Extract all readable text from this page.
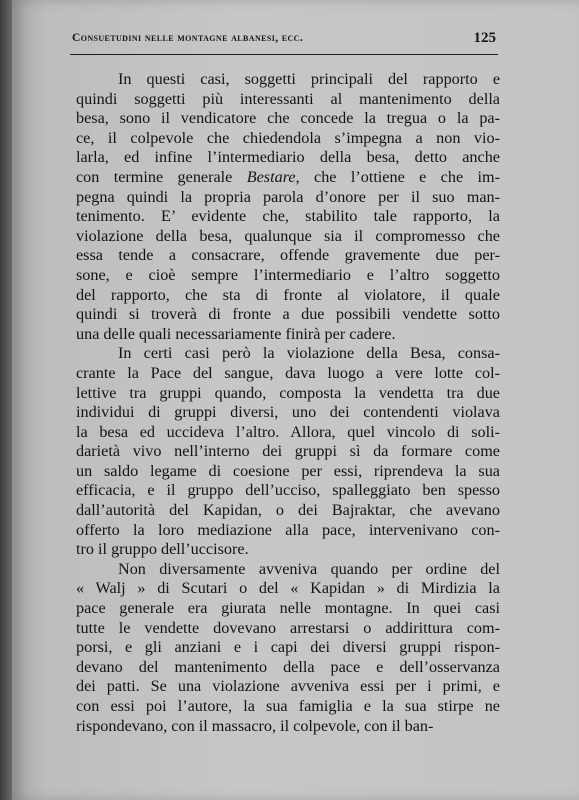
Consuetudini nelle montagne albanesi, ecc.	125
In questi casi, soggetti principali del rapporto e
quindi soggetti più interessanti al mantenimento della
besa, sono il vendicatore che concede la tregua o la pa-
ce, il colpevole che chiedendola s’impegna a non vio-
larla, ed infine l’intermediario della besa, detto anche
con termine generale Bestare, che l’ottiene e che im-
pegna quindi la propria parola d’onore per il suo man-
tenimento. E’ evidente che, stabilito tale rapporto, la
violazione della besa, qualunque sia il compromesso che
essa tende a consacrare, offende gravemente due per-
sone, e cioè sempre l’intermediario e l’altro soggetto
del rapporto, che sta di fronte al violatore, il quale
quindi si troverà di fronte a due possibili vendette sotto
una delle quali necessariamente finirà per cadere.
In certi casi però la violazione della Besa, consa-
crante la Pace del sangue, dava luogo a vere lotte col-
lettive tra gruppi quando, composta la vendetta tra due
individui di gruppi diversi, uno dei contendenti violava
la besa ed uccideva l’altro. Allora, quel vincolo di soli-
darietà vivo nell’interno dei gruppi sì da formare come
un saldo legame di coesione per essi, riprendeva la sua
efficacia, e il gruppo dell’ucciso, spalleggiato ben spesso
dall’autorità del Kapidan, o dei Bajraktar, che avevano
offerto la loro mediazione alla pace, intervenivano con-
tro il gruppo dell’uccisore.
Non diversamente avveniva quando per ordine del
« Walj » di Scutari o del « Kapidan » di Mirdizia la
pace generale era giurata nelle montagne. In quei casi
tutte le vendette dovevano arrestarsi o addirittura com-
porsi, e gli anziani e i capi dei diversi gruppi rispon-
devano del mantenimento della pace e dell’osservanza
dei patti. Se una violazione avveniva essi per i primi, e
con essi poi l’autore, la sua famiglia e la sua stirpe ne
rispondevano, con il massacro, il colpevole, con il ban-
